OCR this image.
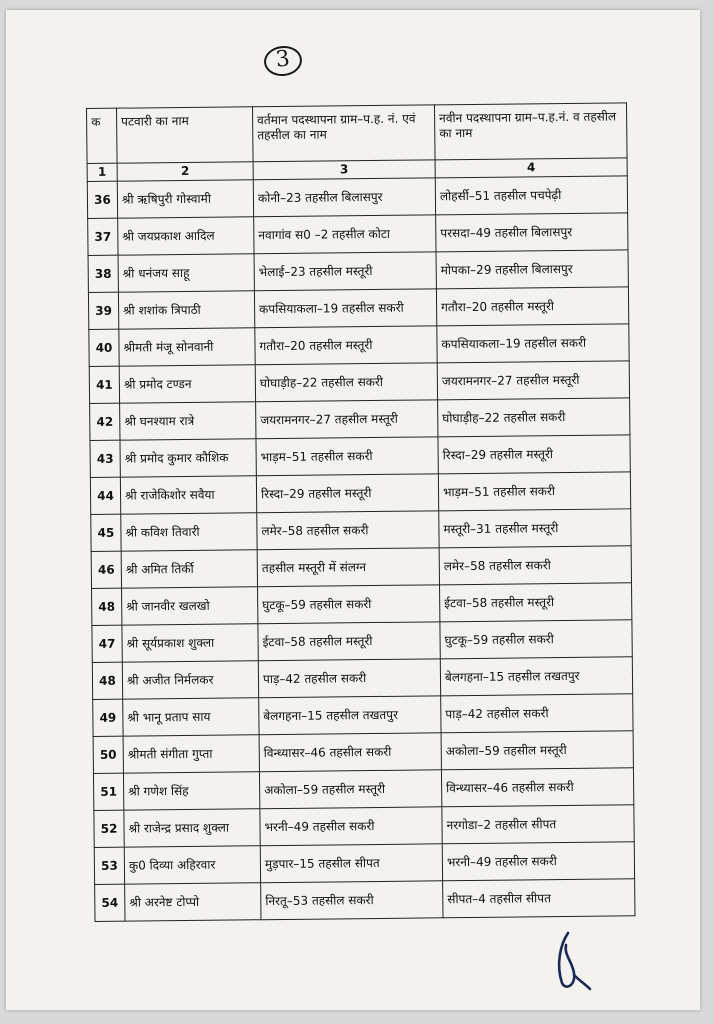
3
क	पटवारी का नाम	वर्तमान पदस्थापना ग्राम–प.ह. नं. एवं तहसील का नाम	नवीन पदस्थापना ग्राम–प.ह.नं. व तहसील का नाम
1	2	3	4
36	श्री ऋषिपुरी गोस्वामी	कोनी–23 तहसील बिलासपुर	लोहर्सी–51 तहसील पचपेढ़ी
37	श्री जयप्रकाश आदिल	नवागांव स0 –2 तहसील कोटा	परसदा–49 तहसील बिलासपुर
38	श्री धनंजय साहू	भेलाई–23 तहसील मस्तूरी	मोपका–29 तहसील बिलासपुर
39	श्री शशांक त्रिपाठी	कपसियाकला–19 तहसील सकरी	गतौरा–20 तहसील मस्तूरी
40	श्रीमती मंजू सोनवानी	गतौरा–20 तहसील मस्तूरी	कपसियाकला–19 तहसील सकरी
41	श्री प्रमोद टण्डन	घोघाड़ीह–22 तहसील सकरी	जयरामनगर–27 तहसील मस्तूरी
42	श्री घनश्याम रात्रे	जयरामनगर–27 तहसील मस्तूरी	घोघाड़ीह–22 तहसील सकरी
43	श्री प्रमोद कुमार कौशिक	भाड़म–51 तहसील सकरी	रिस्दा–29 तहसील मस्तूरी
44	श्री राजेकिशोर सवैया	रिस्दा–29 तहसील मस्तूरी	भाड़म–51 तहसील सकरी
45	श्री कविश तिवारी	लमेर–58 तहसील सकरी	मस्तूरी–31 तहसील मस्तूरी
46	श्री अमित तिर्की	तहसील मस्तूरी में संलग्न	लमेर–58 तहसील सकरी
48	श्री जानवीर खलखो	घुटकू–59 तहसील सकरी	ईटवा–58 तहसील मस्तूरी
47	श्री सूर्यप्रकाश शुक्ला	ईटवा–58 तहसील मस्तूरी	घुटकू–59 तहसील सकरी
48	श्री अजीत निर्मलकर	पाड़–42 तहसील सकरी	बेलगहना–15 तहसील तखतपुर
49	श्री भानू प्रताप साय	बेलगहना–15 तहसील तखतपुर	पाड़–42 तहसील सकरी
50	श्रीमती संगीता गुप्ता	विन्ध्यासर–46 तहसील सकरी	अकोला–59 तहसील मस्तूरी
51	श्री गणेश सिंह	अकोला–59 तहसील मस्तूरी	विन्ध्यासर–46 तहसील सकरी
52	श्री राजेन्द्र प्रसाद शुक्ला	भरनी–49 तहसील सकरी	नरगोडा–2 तहसील सीपत
53	कु0 दिव्या अहिरवार	मुड़पार–15 तहसील सीपत	भरनी–49 तहसील सकरी
54	श्री अरनेष्ट टोप्पो	निरतू–53 तहसील सकरी	सीपत–4 तहसील सीपत
